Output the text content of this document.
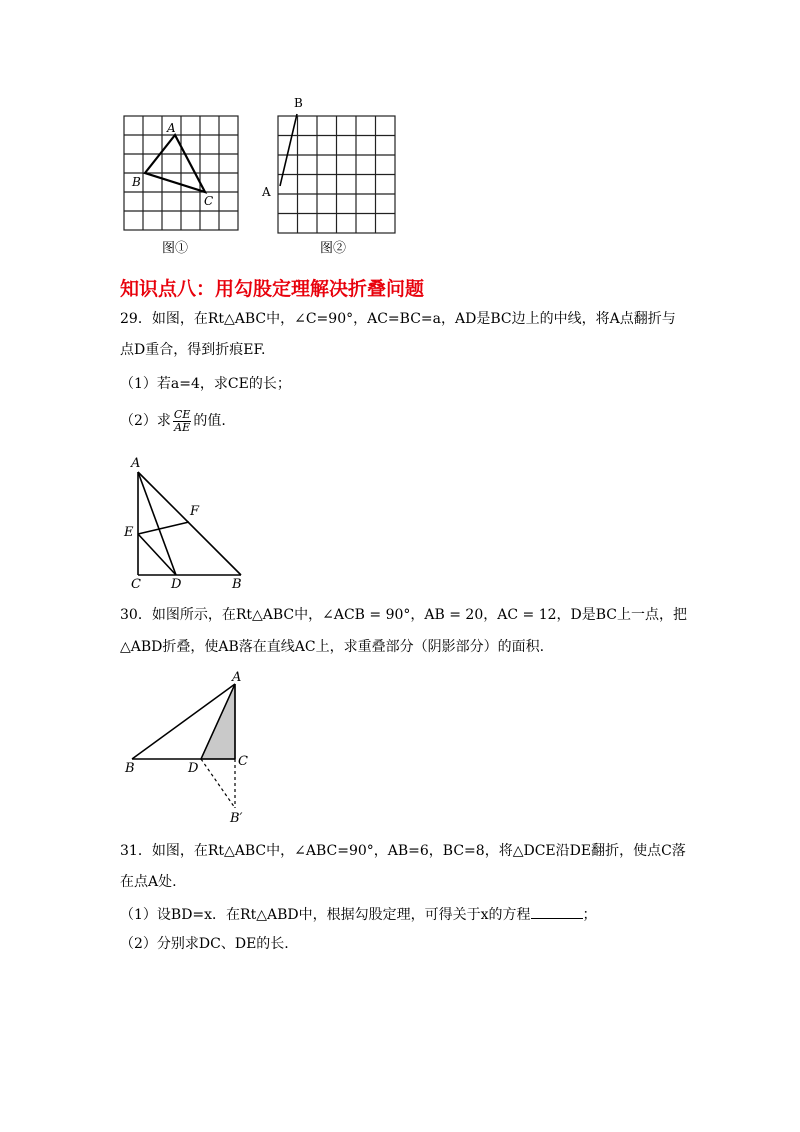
A
B
C
图①
B
A
图②
知识点八：用勾股定理解决折叠问题
29．如图，在Rt△ABC中，∠C=90°，AC=BC=a，AD是BC边上的中线，将A点翻折与
点D重合，得到折痕EF.
（1）若a=4，求CE的长；
（2）求 $\frac{CE}{AE}$ 的值.
A
F
E
C D	B
30．如图所示，在Rt△ABC中，∠ACB = 90°，AB = 20，AC = 12，D是BC上一点，把
△ABD折叠，使AB落在直线AC上，求重叠部分（阴影部分）的面积.
A
B	D	C
B′
31．如图，在Rt△ABC中，∠ABC=90°，AB=6，BC=8，将△DCE沿DE翻折，使点C落
在点A处.
（1）设BD=x．在Rt△ABD中，根据勾股定理，可得关于x的方程	；
（2）分别求DC、DE的长.
